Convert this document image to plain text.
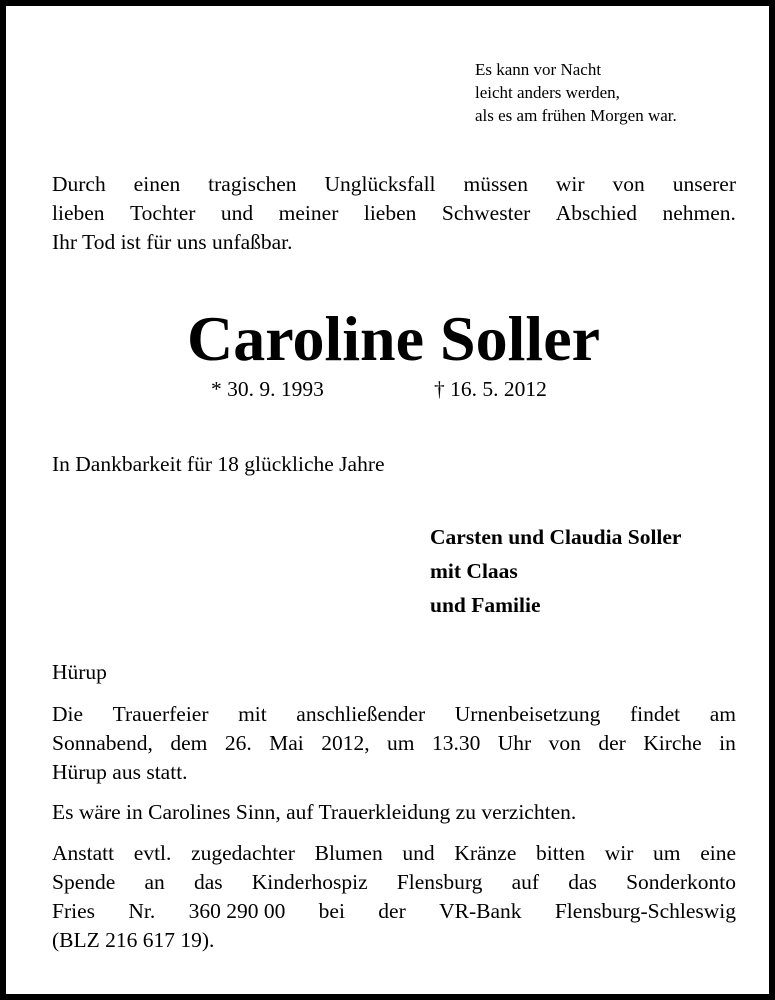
Es kann vor Nacht
leicht anders werden,
als es am frühen Morgen war.
Durch einen tragischen Unglücksfall müssen wir von unserer
lieben Tochter und meiner lieben Schwester Abschied nehmen.
Ihr Tod ist für uns unfaßbar.
Caroline Soller
* 30. 9. 1993	† 16. 5. 2012
In Dankbarkeit für 18 glückliche Jahre
Carsten und Claudia Soller
mit Claas
und Familie
Hürup
Die Trauerfeier mit anschließender Urnenbeisetzung findet am
Sonnabend, dem 26. Mai 2012, um 13.30 Uhr von der Kirche in
Hürup aus statt.
Es wäre in Carolines Sinn, auf Trauerkleidung zu verzichten.
Anstatt evtl. zugedachter Blumen und Kränze bitten wir um eine
Spende an das Kinderhospiz Flensburg auf das Sonderkonto
Fries Nr. 360 290 00 bei der VR-Bank Flensburg-Schleswig
(BLZ 216 617 19).
